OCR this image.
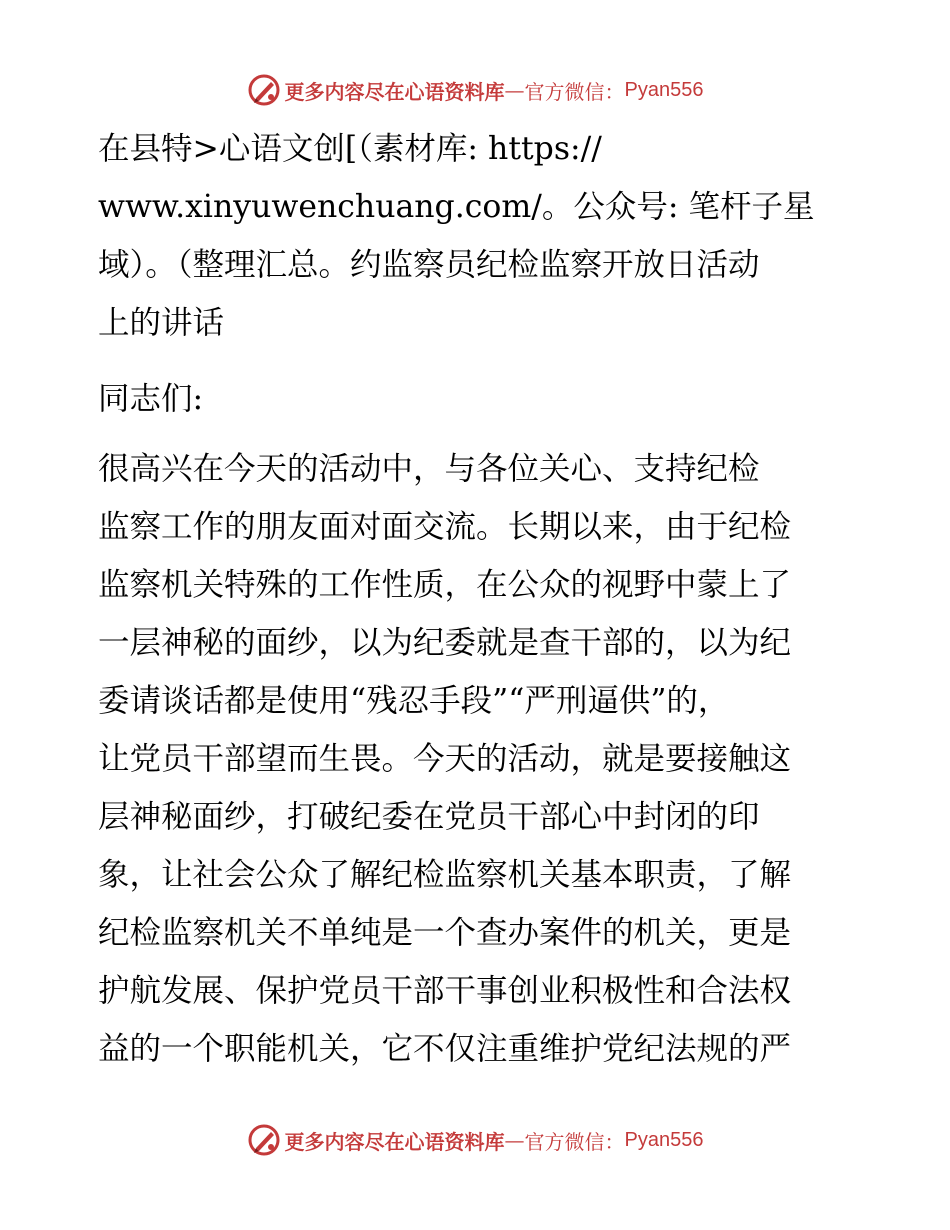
更多内容尽在心语资料库 — 官方微信： Pyan556
在县特>心语文创[（素材库: https://
www.xinyuwenchuang.com/。公众号: 笔杆子星
域）。（整理汇总。约监察员纪检监察开放日活动
上的讲话
同志们:
很高兴在今天的活动中，与各位关心、支持纪检
监察工作的朋友面对面交流。长期以来，由于纪检
监察机关特殊的工作性质，在公众的视野中蒙上了
一层神秘的面纱，以为纪委就是查干部的，以为纪
委请谈话都是使用“残忍手段”“严刑逼供”的，
让党员干部望而生畏。今天的活动，就是要接触这
层神秘面纱，打破纪委在党员干部心中封闭的印
象，让社会公众了解纪检监察机关基本职责，了解
纪检监察机关不单纯是一个查办案件的机关，更是
护航发展、保护党员干部干事创业积极性和合法权
益的一个职能机关，它不仅注重维护党纪法规的严
更多内容尽在心语资料库 — 官方微信： Pyan556
